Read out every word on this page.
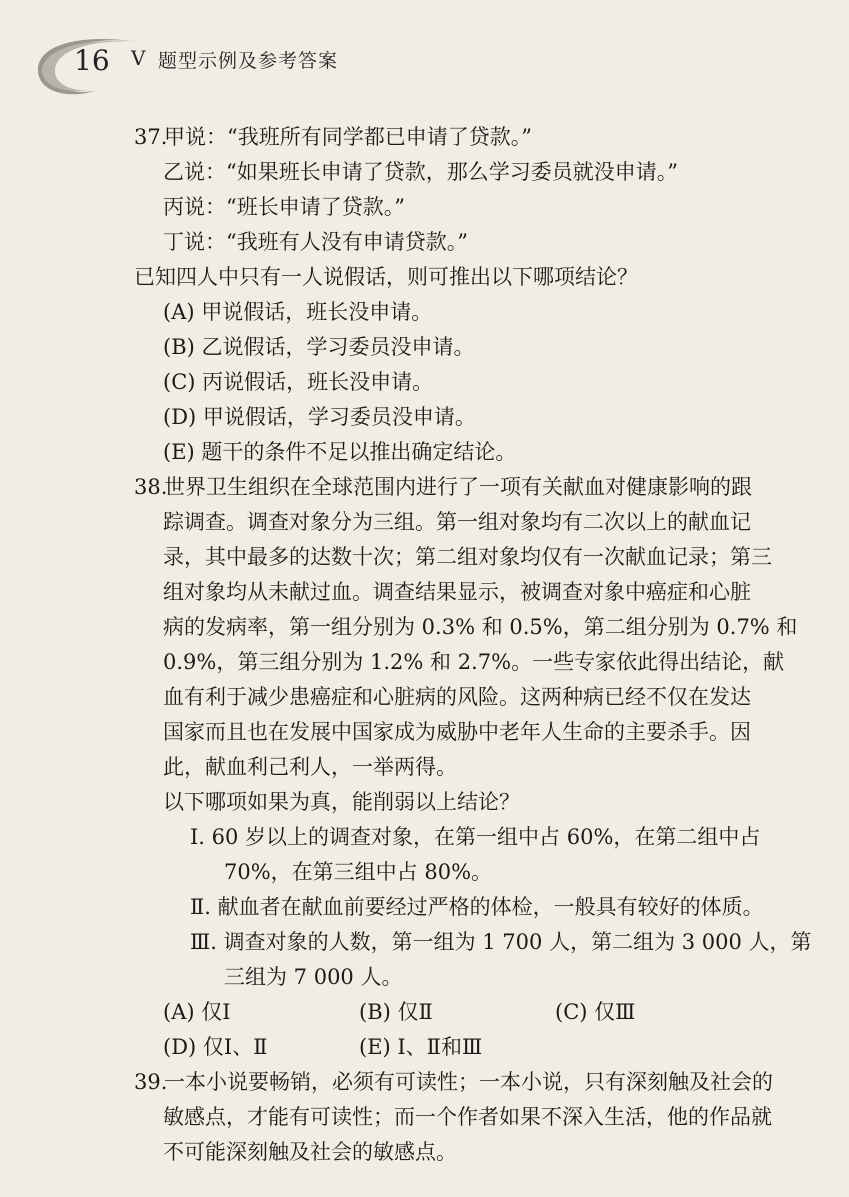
16 Ⅴ 题型示例及参考答案
37.甲说：“我班所有同学都已申请了贷款。”
乙说：“如果班长申请了贷款，那么学习委员就没申请。”
丙说：“班长申请了贷款。”
丁说：“我班有人没有申请贷款。”
已知四人中只有一人说假话，则可推出以下哪项结论？
(A) 甲说假话，班长没申请。
(B) 乙说假话，学习委员没申请。
(C) 丙说假话，班长没申请。
(D) 甲说假话，学习委员没申请。
(E) 题干的条件不足以推出确定结论。
38.世界卫生组织在全球范围内进行了一项有关献血对健康影响的跟
踪调查。调查对象分为三组。第一组对象均有二次以上的献血记
录，其中最多的达数十次；第二组对象均仅有一次献血记录；第三
组对象均从未献过血。调查结果显示，被调查对象中癌症和心脏
病的发病率，第一组分别为 0.3% 和 0.5%，第二组分别为 0.7% 和
0.9%，第三组分别为 1.2% 和 2.7%。一些专家依此得出结论，献
血有利于减少患癌症和心脏病的风险。这两种病已经不仅在发达
国家而且也在发展中国家成为威胁中老年人生命的主要杀手。因
此，献血利己利人，一举两得。
以下哪项如果为真，能削弱以上结论？
Ⅰ. 60 岁以上的调查对象，在第一组中占 60%，在第二组中占
70%，在第三组中占 80%。
Ⅱ. 献血者在献血前要经过严格的体检，一般具有较好的体质。
Ⅲ. 调查对象的人数，第一组为 1 700 人，第二组为 3 000 人，第
三组为 7 000 人。
(A) 仅Ⅰ	(B) 仅Ⅱ	(C) 仅Ⅲ
(D) 仅Ⅰ、Ⅱ	(E) Ⅰ、Ⅱ和Ⅲ
39.一本小说要畅销，必须有可读性；一本小说，只有深刻触及社会的
敏感点，才能有可读性；而一个作者如果不深入生活，他的作品就
不可能深刻触及社会的敏感点。
